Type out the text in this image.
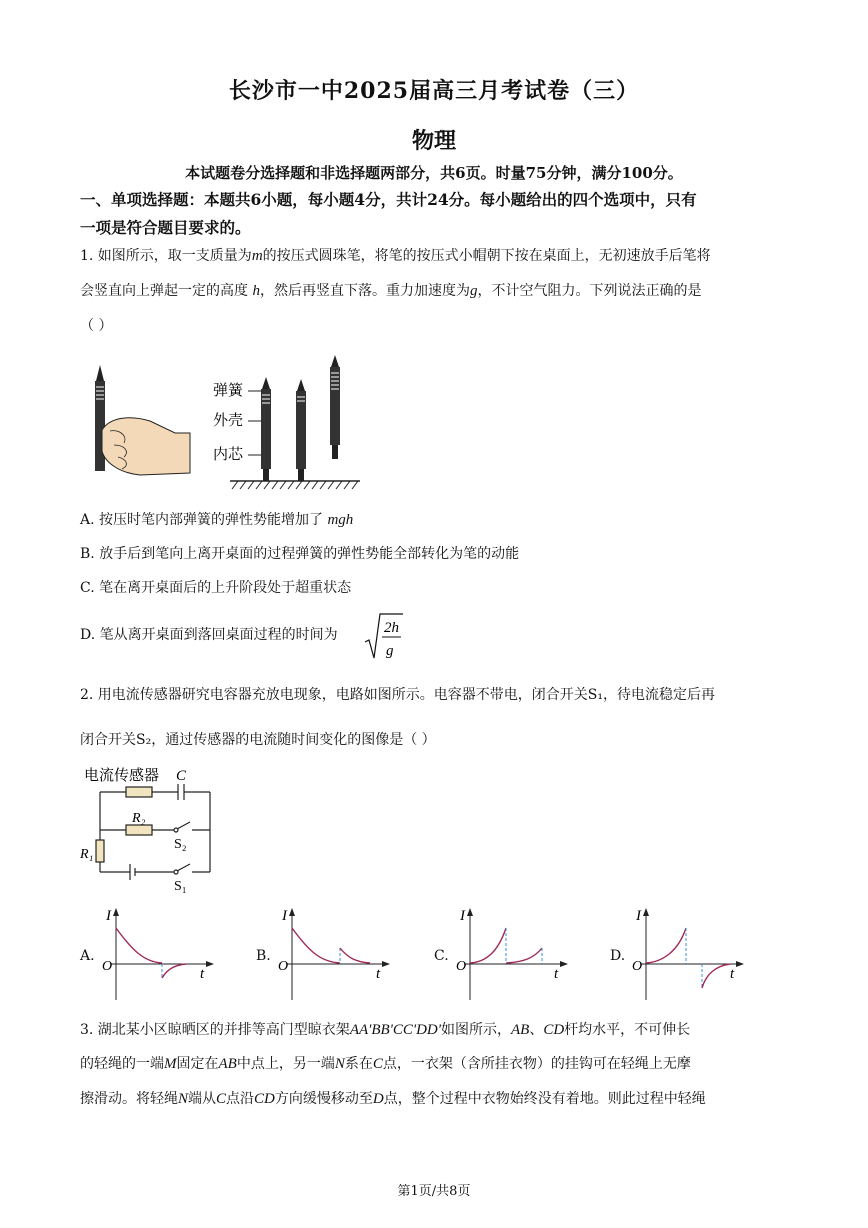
长沙市一中2025届高三月考试卷（三）
物理
本试题卷分选择题和非选择题两部分，共6页。时量75分钟，满分100分。
一、单项选择题：本题共6小题，每小题4分，共计24分。每小题给出的四个选项中，只有
一项是符合题目要求的。
1. 如图所示，取一支质量为m的按压式圆珠笔，将笔的按压式小帽朝下按在桌面上，无初速放手后笔将
会竖直向上弹起一定的高度 h，然后再竖直下落。重力加速度为g，不计空气阻力。下列说法正确的是
（ ）
弹簧
外壳
内芯
A. 按压时笔内部弹簧的弹性势能增加了 mgh
B. 放手后到笔向上离开桌面的过程弹簧的弹性势能全部转化为笔的动能
C. 笔在离开桌面后的上升阶段处于超重状态
D. 笔从离开桌面到落回桌面过程的时间为	2h
g
2. 用电流传感器研究电容器充放电现象，电路如图所示。电容器不带电，闭合开关S₁，待电流稳定后再
闭合开关S₂，通过传感器的电流随时间变化的图像是（ ）
电流传感器 C
R₂
R₁
S₂
S₁
A.
I
O	t
B.
I
O	t
C.
I
O	t
D.
I
O	t
3. 湖北某小区晾晒区的并排等高门型晾衣架AA'BB'CC'DD'如图所示，AB、CD杆均水平，不可伸长
的轻绳的一端M固定在AB中点上，另一端N系在C点，一衣架（含所挂衣物）的挂钩可在轻绳上无摩
擦滑动。将轻绳N端从C点沿CD方向缓慢移动至D点，整个过程中衣物始终没有着地。则此过程中轻绳
第1页/共8页
